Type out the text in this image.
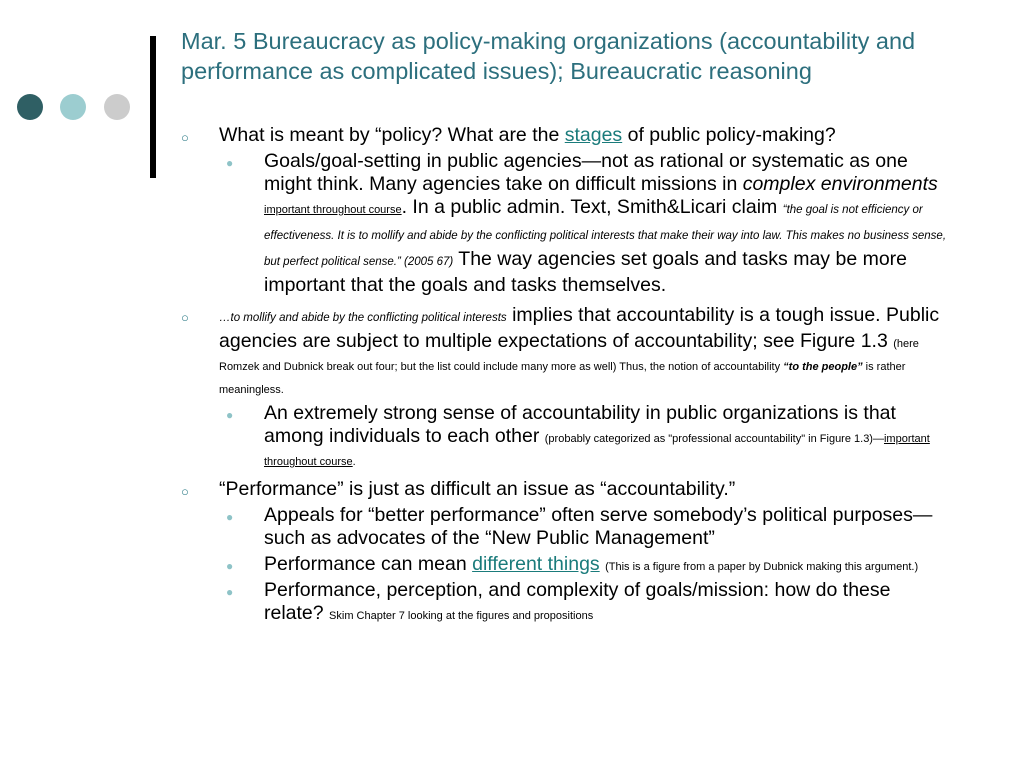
Mar. 5 Bureaucracy as policy-making organizations (accountability and performance as complicated issues); Bureaucratic reasoning
○ What is meant by “policy? What are the stages of public policy-making?
● Goals/goal-setting in public agencies—not as rational or systematic as one might think. Many agencies take on difficult missions in complex environments important throughout course. In a public admin. Text, Smith&Licari claim “the goal is not efficiency or effectiveness. It is to mollify and abide by the conflicting political interests that make their way into law. This makes no business sense, but perfect political sense.” (2005 67) The way agencies set goals and tasks may be more important that the goals and tasks themselves.
○	…to mollify and abide by the conflicting political interests implies that accountability is a tough issue. Public agencies are subject to multiple expectations of accountability; see Figure 1.3 (here Romzek and Dubnick break out four; but the list could include many more as well) Thus, the notion of accountability “to the people” is rather meaningless.
● An extremely strong sense of accountability in public organizations is that among individuals to each other (probably categorized as "professional accountability" in Figure 1.3)—important throughout course.
○ “Performance” is just as difficult an issue as “accountability.”
● Appeals for “better performance” often serve somebody’s political purposes—such as advocates of the “New Public Management”
● Performance can mean different things (This is a figure from a paper by Dubnick making this argument.)
● Performance, perception, and complexity of goals/mission: how do these relate? Skim Chapter 7 looking at the figures and propositions
